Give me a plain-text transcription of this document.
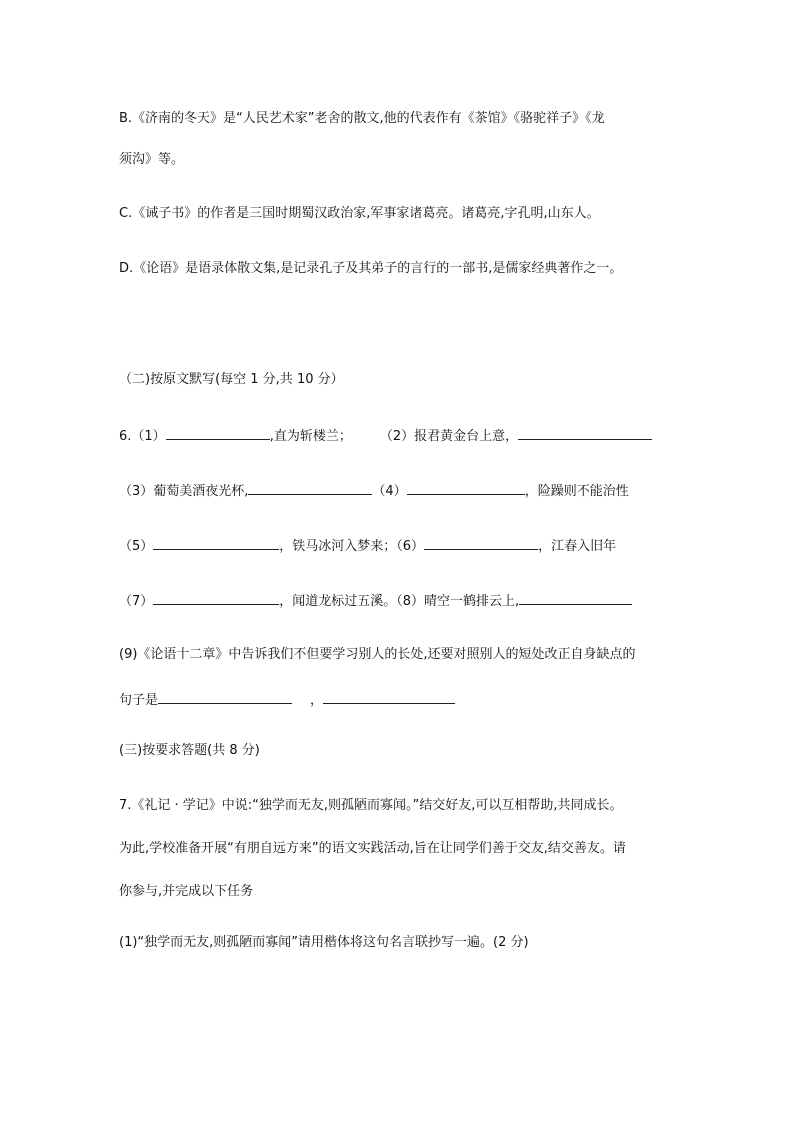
B.《济南的冬天》是“人民艺术家”老舍的散文,他的代表作有《茶馆》《骆驼祥子》《龙
须沟》等。
C.《诫子书》的作者是三国时期蜀汉政治家,军事家诸葛亮。诸葛亮,字孔明,山东人。
D.《论语》是语录体散文集,是记录孔子及其弟子的言行的一部书,是儒家经典著作之一。
（二)按原文默写(每空 1 分,共 10 分）
6.（1）	,直为斩楼兰； （2）报君黄金台上意，
（3）葡萄美酒夜光杯,	（4）	，险躁则不能治性
（5）	，铁马冰河入梦来；（6）	，江春入旧年
（7）	，闻道龙标过五溪。（8）晴空一鹤排云上,
(9)《论语十二章》中告诉我们不但要学习别人的长处,还要对照别人的短处改正自身缺点的
句子是	，
(三)按要求答题(共 8 分)
7.《礼记 · 学记》中说:“独学而无友,则孤陋而寡闻。”结交好友,可以互相帮助,共同成长。
为此,学校准备开展“有朋自远方来”的语文实践活动,旨在让同学们善于交友,结交善友。请
你参与,并完成以下任务
(1)“独学而无友,则孤陋而寡闻”请用楷体将这句名言联抄写一遍。(2 分)
